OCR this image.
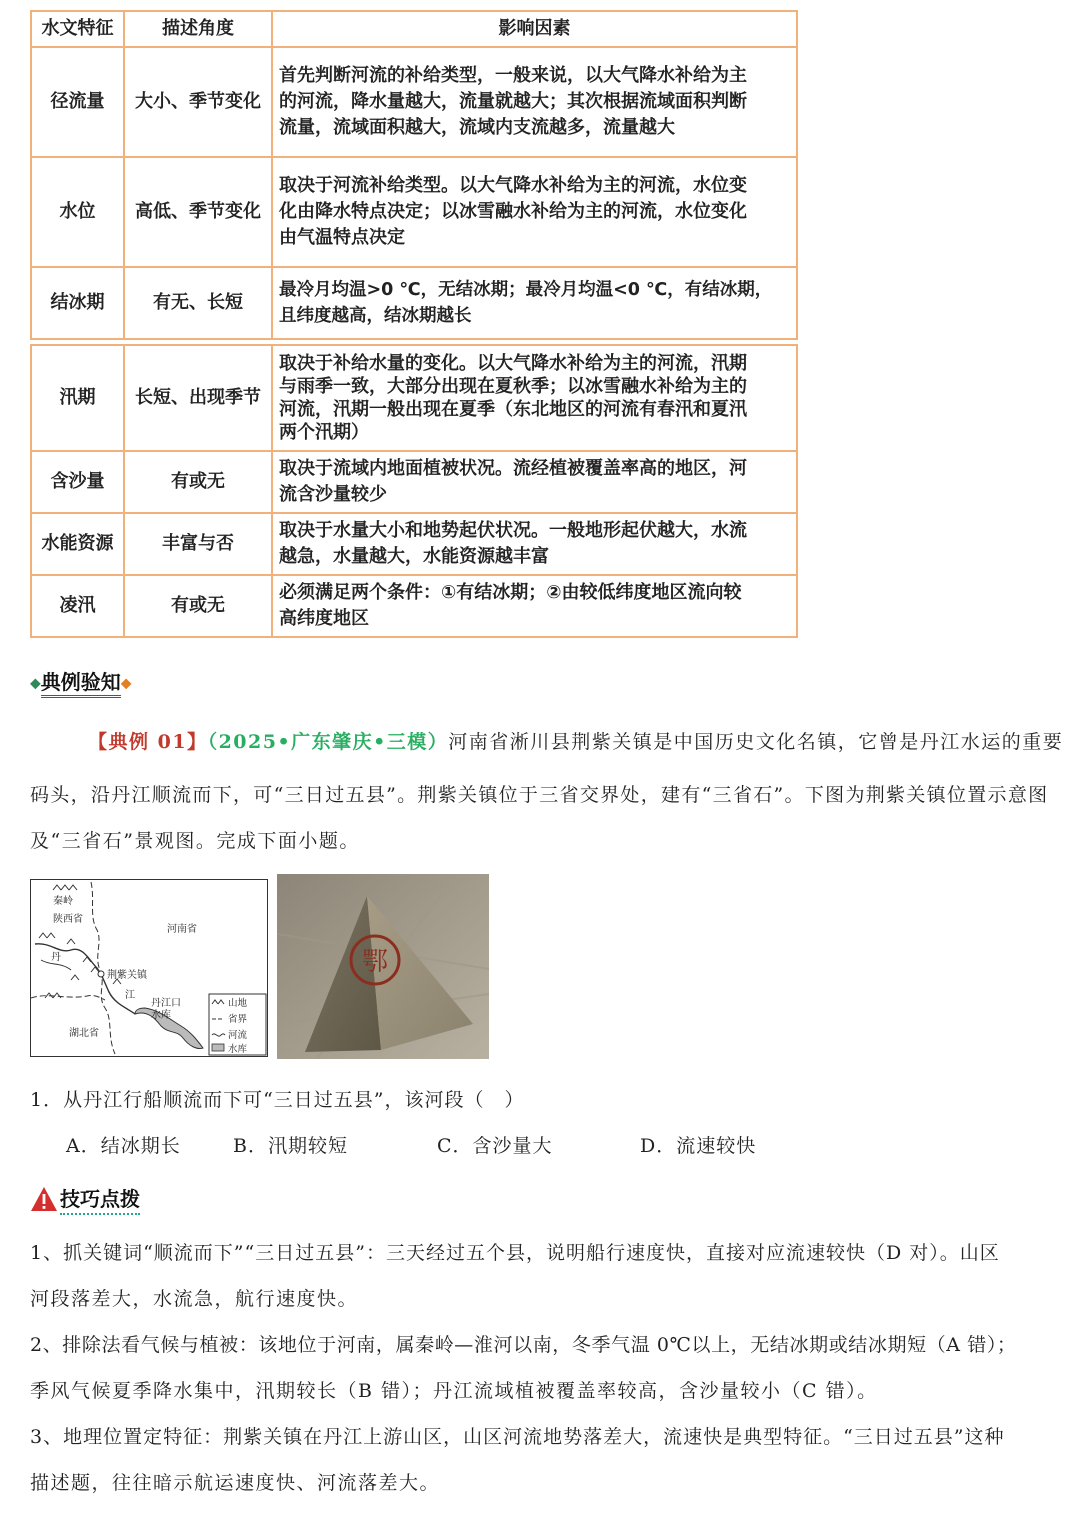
水文特征	描述角度	影响因素
径流量	大小、季节变化	首先判断河流的补给类型，一般来说，以大气降水补给为主
的河流，降水量越大，流量就越大；其次根据流域面积判断
流量，流域面积越大，流域内支流越多，流量越大

水位	高低、季节变化	取决于河流补给类型。以大气降水补给为主的河流，水位变
化由降水特点决定；以冰雪融水补给为主的河流，水位变化
由气温特点决定

结冰期	有无、长短	最冷月均温>0 ℃，无结冰期；最冷月均温<0 ℃，有结冰期，
且纬度越高，结冰期越长

汛期	长短、出现季节	取决于补给水量的变化。以大气降水补给为主的河流，汛期
与雨季一致，大部分出现在夏秋季；以冰雪融水补给为主的
河流，汛期一般出现在夏季（东北地区的河流有春汛和夏汛
两个汛期）

含沙量	有或无	取决于流域内地面植被状况。流经植被覆盖率高的地区，河
流含沙量较少

水能资源	丰富与否	取决于水量大小和地势起伏状况。一般地形起伏越大，水流
越急，水量越大，水能资源越丰富

凌汛	有或无	必须满足两个条件：①有结冰期；②由较低纬度地区流向较
高纬度地区
◆典例验知◆
【典例 01】（2025•广东肇庆•三模）河南省淅川县荆紫关镇是中国历史文化名镇，它曾是丹江水运的重要
码头，沿丹江顺流而下，可“三日过五县”。荆紫关镇位于三省交界处，建有“三省石”。下图为荆紫关镇位置示意图
及“三省石”景观图。完成下面小题。
秦岭
陕西省
河南省
荆紫关镇
丹
江
丹江口
水库
湖北省
山地
省界
河流
水库
鄂
1．从丹江行船顺流而下可“三日过五县”，该河段（　）
A．结冰期长	B．汛期较短	C．含沙量大	D．流速较快
技巧点拨
1、抓关键词“顺流而下”“三日过五县”：三天经过五个县，说明船行速度快，直接对应流速较快（D 对）。山区
河段落差大，水流急，航行速度快。
2、排除法看气候与植被：该地位于河南，属秦岭—淮河以南，冬季气温 0℃以上，无结冰期或结冰期短（A 错）；
季风气候夏季降水集中，汛期较长（B 错）；丹江流域植被覆盖率较高，含沙量较小（C 错）。
3、地理位置定特征：荆紫关镇在丹江上游山区，山区河流地势落差大，流速快是典型特征。“三日过五县”这种
描述题，往往暗示航运速度快、河流落差大。
